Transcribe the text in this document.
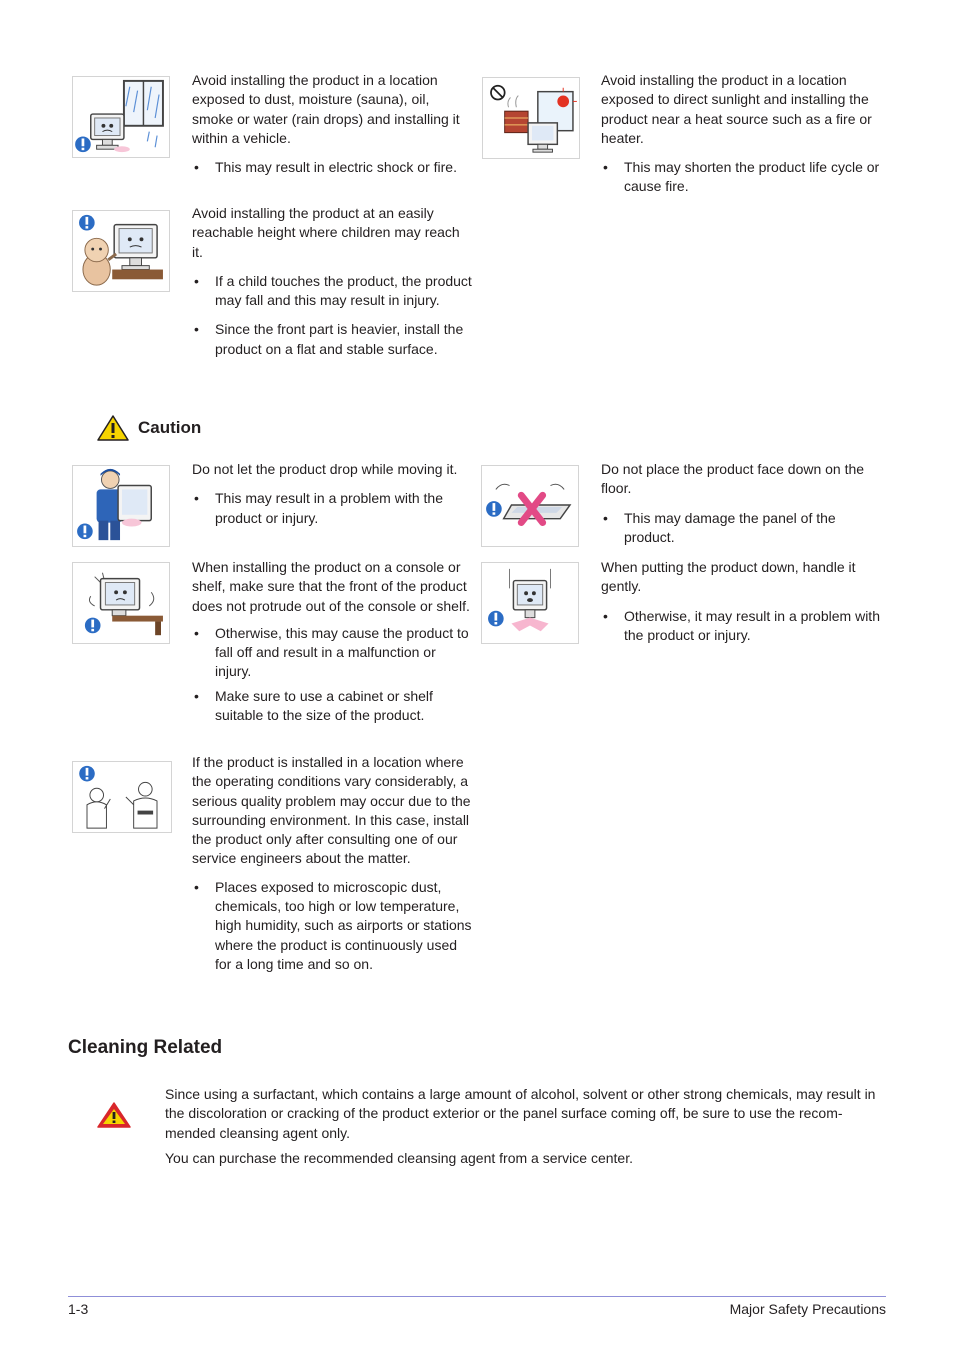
Avoid installing the product in a location exposed to dust, moisture (sauna), oil, smoke or water (rain drops) and installing it within a vehicle.

• This may result in electric shock or fire.

Avoid installing the product in a location exposed to direct sunlight and installing the product near a heat source such as a fire or heater.

• This may shorten the product life cycle or cause fire.

Avoid installing the product at an easily reachable height where children may reach it.

• If a child touches the product, the product may fall and this may result in injury.
• Since the front part is heavier, install the product on a flat and stable surface.
Caution

Do not let the product drop while moving it.

• This may result in a problem with the product or injury.

Do not place the product face down on the floor.

• This may damage the panel of the product.

When installing the product on a console or shelf, make sure that the front of the product does not protrude out of the console or shelf.

• Otherwise, this may cause the product to fall off and result in a malfunction or injury.
• Make sure to use a cabinet or shelf suitable to the size of the product.

When putting the product down, handle it gently.

• Otherwise, it may result in a problem with the product or injury.

If the product is installed in a location where the operating conditions vary considerably, a serious quality problem may occur due to the surrounding environment. In this case, install the product only after consulting one of our service engineers about the matter.

• Places exposed to microscopic dust, chemicals, too high or low temperature, high humidity, such as airports or stations where the product is continuously used for a long time and so on.
Cleaning Related

Since using a surfactant, which contains a large amount of alcohol, solvent or other strong chemicals, may result in the discoloration or cracking of the product exterior or the panel surface coming off, be sure to use the recom-mended cleansing agent only.

You can purchase the recommended cleansing agent from a service center.

1-3	Major Safety Precautions
